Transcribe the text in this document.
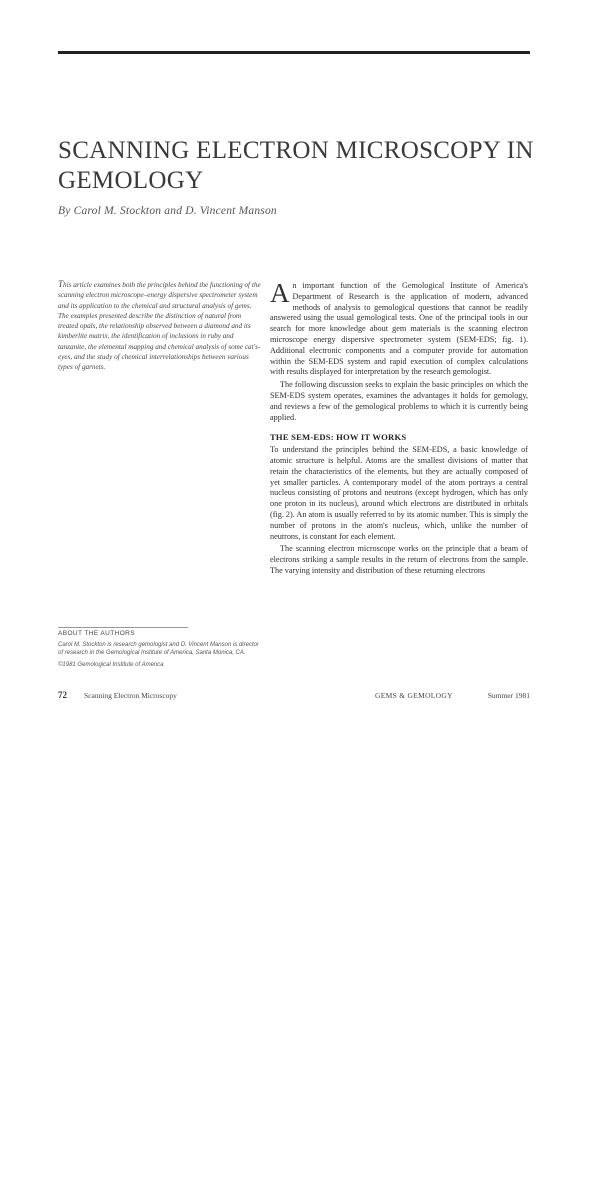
SCANNING ELECTRON MICROSCOPY IN GEMOLOGY
By Carol M. Stockton and D. Vincent Manson
This article examines both the principles behind the functioning of the scanning electron microscope–energy dispersive spectrometer system and its application to the chemical and structural analysis of gems. The examples presented describe the distinction of natural from treated opals, the relationship observed between a diamond and its kimberlite matrix, the identification of inclusions in ruby and tanzanite, the elemental mapping and chemical analysis of some cat's-eyes, and the study of chemical interrelationships between various types of garnets.
ABOUT THE AUTHORS

Carol M. Stockton is research gemologist and D. Vincent Manson is director of research in the Gemological Institute of America, Santa Monica, CA.

©1981 Gemological Institute of America

An important function of the Gemological Institute of America's Department of Research is the application of modern, advanced methods of analysis to gemological questions that cannot be readily answered using the usual gemological tests. One of the principal tools in our search for more knowledge about gem materials is the scanning electron microscope energy dispersive spectrometer system (SEM-EDS; fig. 1). Additional electronic components and a computer provide for automation within the SEM-EDS system and rapid execution of complex calculations with results displayed for interpretation by the research gemologist.

The following discussion seeks to explain the basic principles on which the SEM-EDS system operates, examines the advantages it holds for gemology, and reviews a few of the gemological problems to which it is currently being applied.

THE SEM-EDS: HOW IT WORKS

To understand the principles behind the SEM-EDS, a basic knowledge of atomic structure is helpful. Atoms are the smallest divisions of matter that retain the characteristics of the elements, but they are actually composed of yet smaller particles. A contemporary model of the atom portrays a central nucleus consisting of protons and neutrons (except hydrogen, which has only one proton in its nucleus), around which electrons are distributed in orbitals (fig. 2). An atom is usually referred to by its atomic number. This is simply the number of protons in the atom's nucleus, which, unlike the number of neutrons, is constant for each element.

The scanning electron microscope works on the principle that a beam of electrons striking a sample results in the return of electrons from the sample. The varying intensity and distribution of these returning electrons

72 Scanning Electron Microscopy	GEMS & GEMOLOGY	Summer 1981
